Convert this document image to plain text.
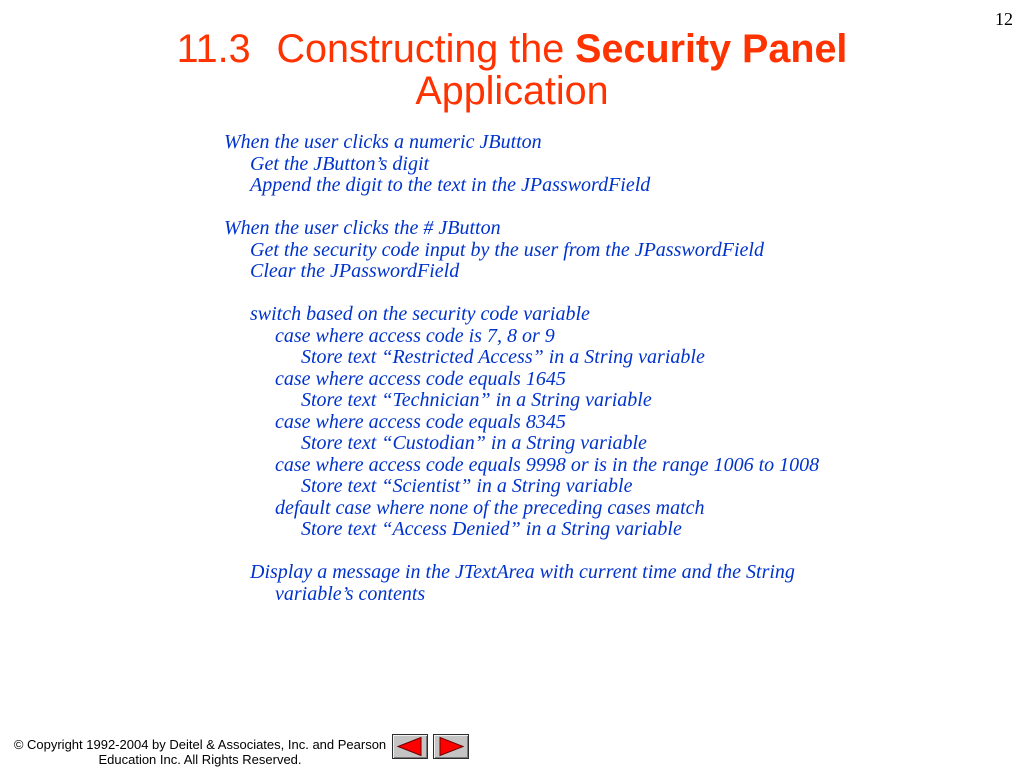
12
11.3 Constructing the Security Panel
Application
When the user clicks a numeric JButton
Get the JButton’s digit
Append the digit to the text in the JPasswordField
When the user clicks the # JButton
Get the security code input by the user from the JPasswordField
Clear the JPasswordField
switch based on the security code variable
case where access code is 7, 8 or 9
Store text “Restricted Access” in a String variable
case where access code equals 1645
Store text “Technician” in a String variable
case where access code equals 8345
Store text “Custodian” in a String variable
case where access code equals 9998 or is in the range 1006 to 1008
Store text “Scientist” in a String variable
default case where none of the preceding cases match
Store text “Access Denied” in a String variable
Display a message in the JTextArea with current time and the String
variable’s contents
© Copyright 1992-2004 by Deitel & Associates, Inc. and Pearson
Education Inc. All Rights Reserved.
